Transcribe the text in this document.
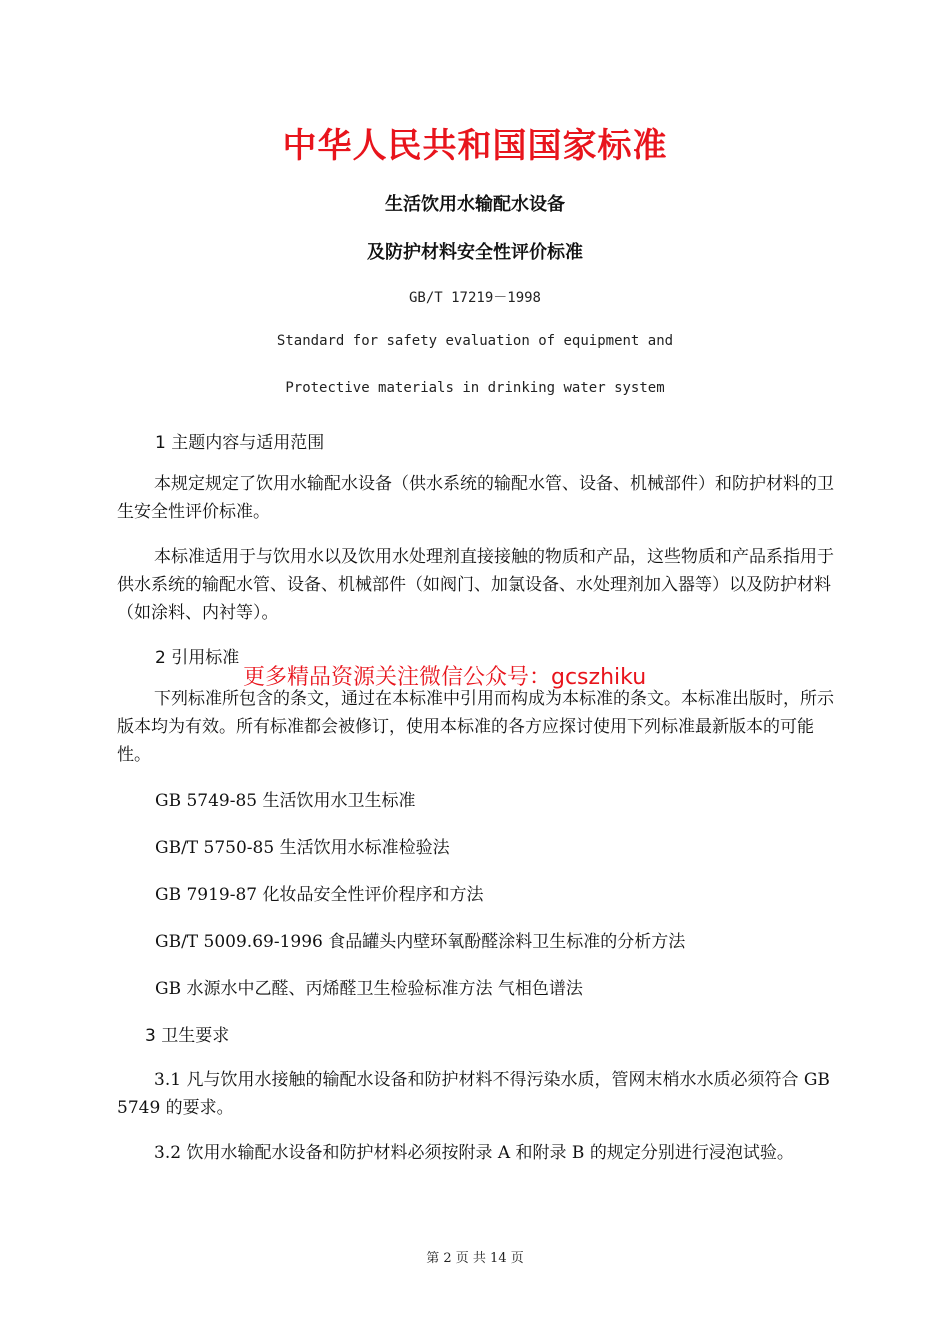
中华人民共和国国家标准
生活饮用水输配水设备
及防护材料安全性评价标准
GB/T 17219－1998
Standard for safety evaluation of equipment and
Protective materials in drinking water system
1 主题内容与适用范围
本规定规定了饮用水输配水设备（供水系统的输配水管、设备、机械部件）和防护材料的卫生安全性评价标准。
本标准适用于与饮用水以及饮用水处理剂直接接触的物质和产品，这些物质和产品系指用于供水系统的输配水管、设备、机械部件（如阀门、加氯设备、水处理剂加入器等）以及防护材料（如涂料、内衬等）。
2 引用标准
更多精品资源关注微信公众号：gcszhiku
下列标准所包含的条文，通过在本标准中引用而构成为本标准的条文。本标准出版时，所示版本均为有效。所有标准都会被修订，使用本标准的各方应探讨使用下列标准最新版本的可能性。
GB 5749-85 生活饮用水卫生标准
GB/T 5750-85 生活饮用水标准检验法
GB 7919-87 化妆品安全性评价程序和方法
GB/T 5009.69-1996 食品罐头内壁环氧酚醛涂料卫生标准的分析方法
GB 水源水中乙醛、丙烯醛卫生检验标准方法 气相色谱法
3 卫生要求
3.1 凡与饮用水接触的输配水设备和防护材料不得污染水质，管网末梢水水质必须符合 GB 5749 的要求。
3.2 饮用水输配水设备和防护材料必须按附录 A 和附录 B 的规定分别进行浸泡试验。
第 2 页 共 14 页
